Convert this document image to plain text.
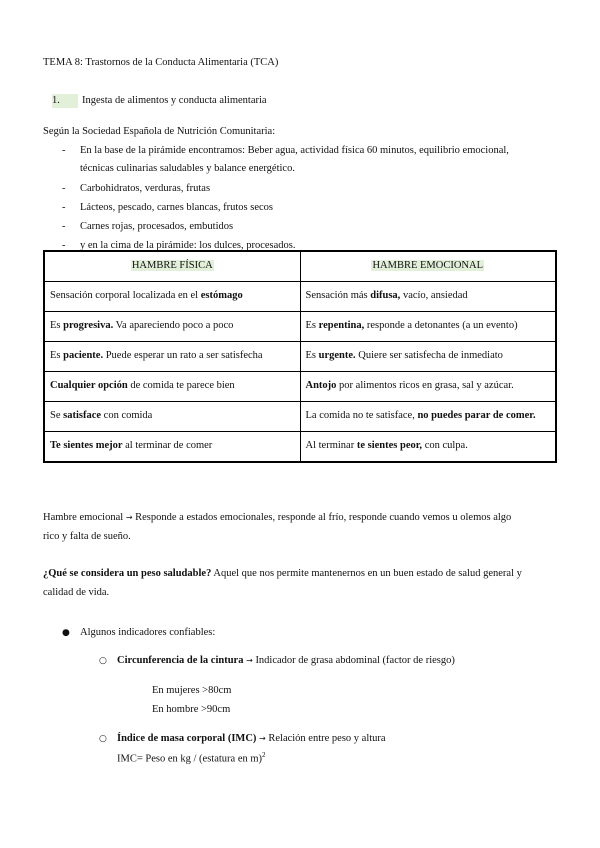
TEMA 8: Trastornos de la Conducta Alimentaria (TCA)
1. Ingesta de alimentos y conducta alimentaria
Según la Sociedad Española de Nutrición Comunitaria:
- En la base de la pirámide encontramos: Beber agua, actividad física 60 minutos, equilibrio emocional,
técnicas culinarias saludables y balance energético.
- Carbohidratos, verduras, frutas
- Lácteos, pescado, carnes blancas, frutos secos
- Carnes rojas, procesados, embutidos
- y en la cima de la pirámide: los dulces, procesados.
HAMBRE FÍSICA	HAMBRE EMOCIONAL
Sensación corporal localizada en el estómago	Sensación más difusa, vacío, ansiedad
Es progresiva. Va apareciendo poco a poco	Es repentina, responde a detonantes (a un evento)
Es paciente. Puede esperar un rato a ser satisfecha	Es urgente. Quiere ser satisfecha de inmediato
Cualquier opción de comida te parece bien	Antojo por alimentos ricos en grasa, sal y azúcar.
Se satisface con comida	La comida no te satisface, no puedes parar de comer.
Te sientes mejor al terminar de comer	Al terminar te sientes peor, con culpa.
Hambre emocional → Responde a estados emocionales, responde al frío, responde cuando vemos u olemos algo
rico y falta de sueño.
¿Qué se considera un peso saludable? Aquel que nos permite mantenernos en un buen estado de salud general y
calidad de vida.
● Algunos indicadores confiables:
○ Circunferencia de la cintura → Indicador de grasa abdominal (factor de riesgo)
En mujeres >80cm
En hombre >90cm
○ Índice de masa corporal (IMC) → Relación entre peso y altura
IMC= Peso en kg / (estatura en m)$^2$
